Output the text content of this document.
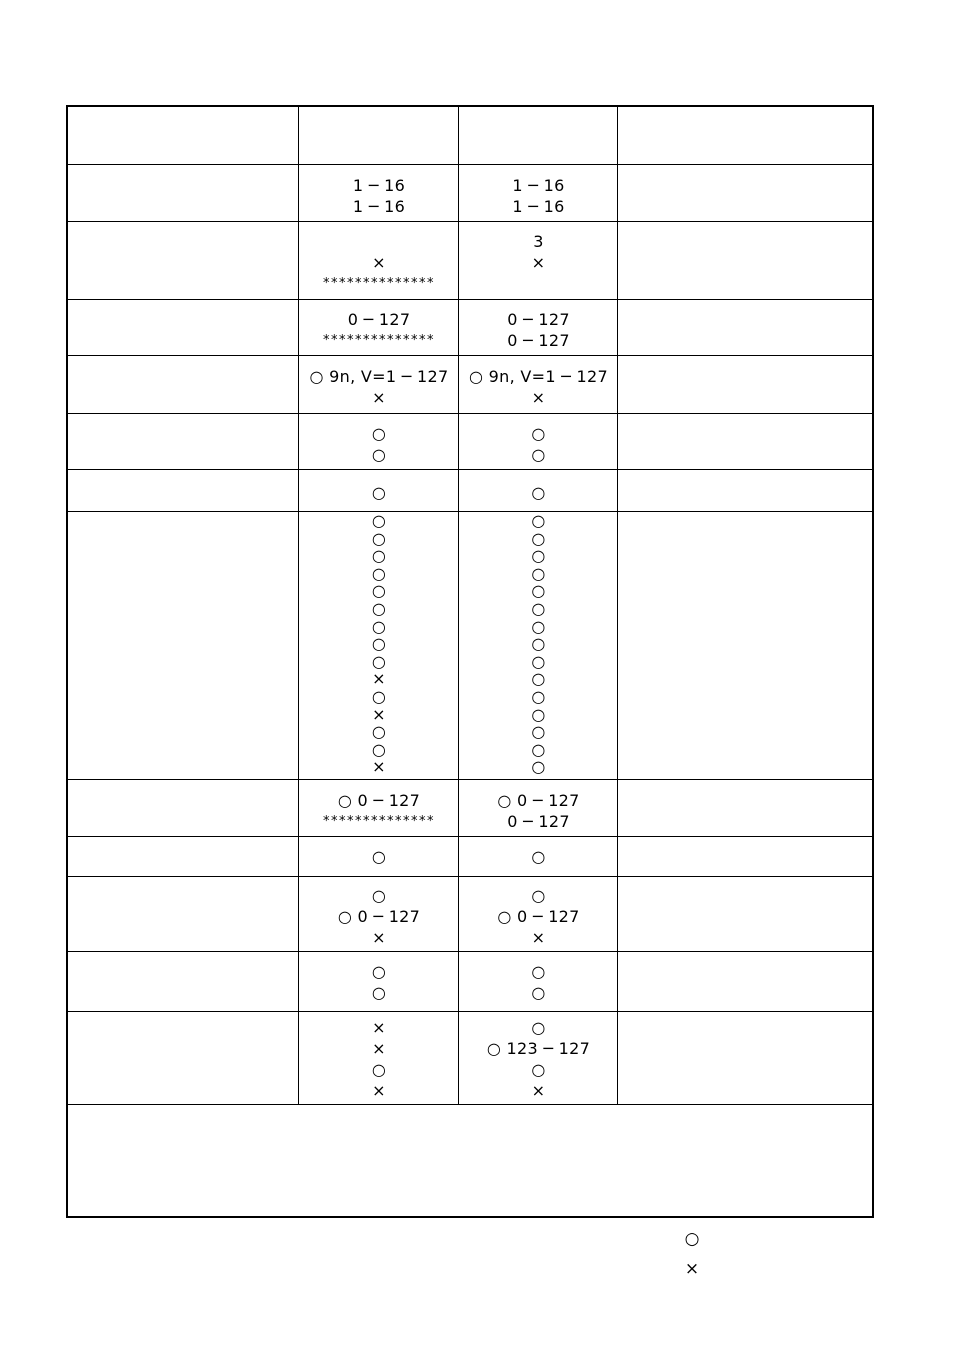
1 ─ 16
1 ─ 16
×
**************
0 ─ 127
**************
○ 9n, V=1 ─ 127
×
○
○
○
○
○
○
○
○
○
○
○
○
×
○
×
○
○
×
○ 0 ─ 127
**************
○
○
○ 0 ─ 127
×
○
○
×
×
○
×
1 ─ 16
1 ─ 16
3
×
0 ─ 127
0 ─ 127
○ 9n, V=1 ─ 127
×
○
○
○
○
○
○
○
○
○
○
○
○
○
○
○
○
○
○
○ 0 ─ 127
0 ─ 127
○
○
○ 0 ─ 127
×
○
○
○
○ 123 ─ 127
○
×
○
×
